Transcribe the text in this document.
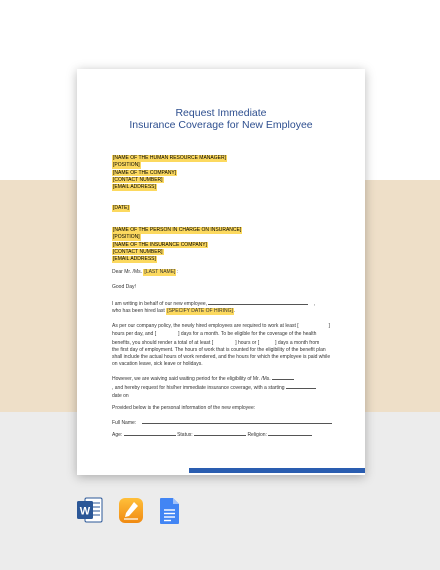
Request Immediate
Insurance Coverage for New Employee
[NAME OF THE HUMAN RESOURCE MANAGER]
[POSITION]
[NAME OF THE COMPANY]
[CONTACT NUMBER]
[EMAIL ADDRESS]
[DATE]
[NAME OF THE PERSON IN CHARGE ON INSURANCE]
[POSITION]
[NAME OF THE INSURANCE COMPANY]
[CONTACT NUMBER]
[EMAIL ADDRESS]
Dear Mr. /Ms. [LAST NAME]:
Good Day!
I am writing in behalf of our new employee,	,
who has been hired last [SPECIFY DATE OF HIRING].
As per our company policy, the newly hired employees are required to work at least [	]
hours per day, and [	] days for a month. To be eligible for the coverage of the health
benefits, you should render a total of at least [	] hours or [	] days a month from
the first day of employment. The hours of work that is counted for the eligibility of the benefit plan
shall include the actual hours of work rendered, and the hours for which the employee is paid while
on vacation leave, sick leave or holidays.
However, we are waiving said waiting period for the eligibility of Mr. /Ms.
, and hereby request for his/her immediate insurance coverage, with a starting
date on
Provided below is the personal information of the new employee:
Full Name:
Age:	Status:	Religion:
W
